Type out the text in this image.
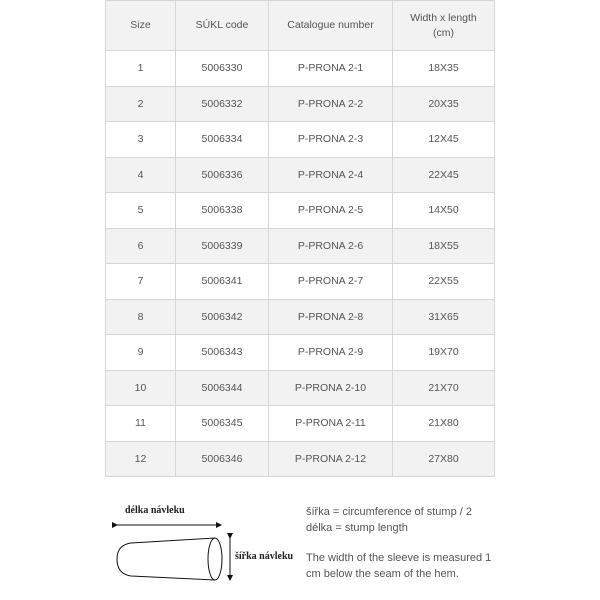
Size	SÚKL code	Catalogue number	Width x length (cm)
1	5006330	P-PRONA 2-1	18X35
2	5006332	P-PRONA 2-2	20X35
3	5006334	P-PRONA 2-3	12X45
4	5006336	P-PRONA 2-4	22X45
5	5006338	P-PRONA 2-5	14X50
6	5006339	P-PRONA 2-6	18X55
7	5006341	P-PRONA 2-7	22X55
8	5006342	P-PRONA 2-8	31X65
9	5006343	P-PRONA 2-9	19X70
10	5006344	P-PRONA 2-10	21X70
11	5006345	P-PRONA 2-11	21X80
12	5006346	P-PRONA 2-12	27X80
délka návleku
šířka návleku

šířka = circumference of stump / 2

délka = stump length

The width of the sleeve is measured 1 cm below the seam of the hem.
